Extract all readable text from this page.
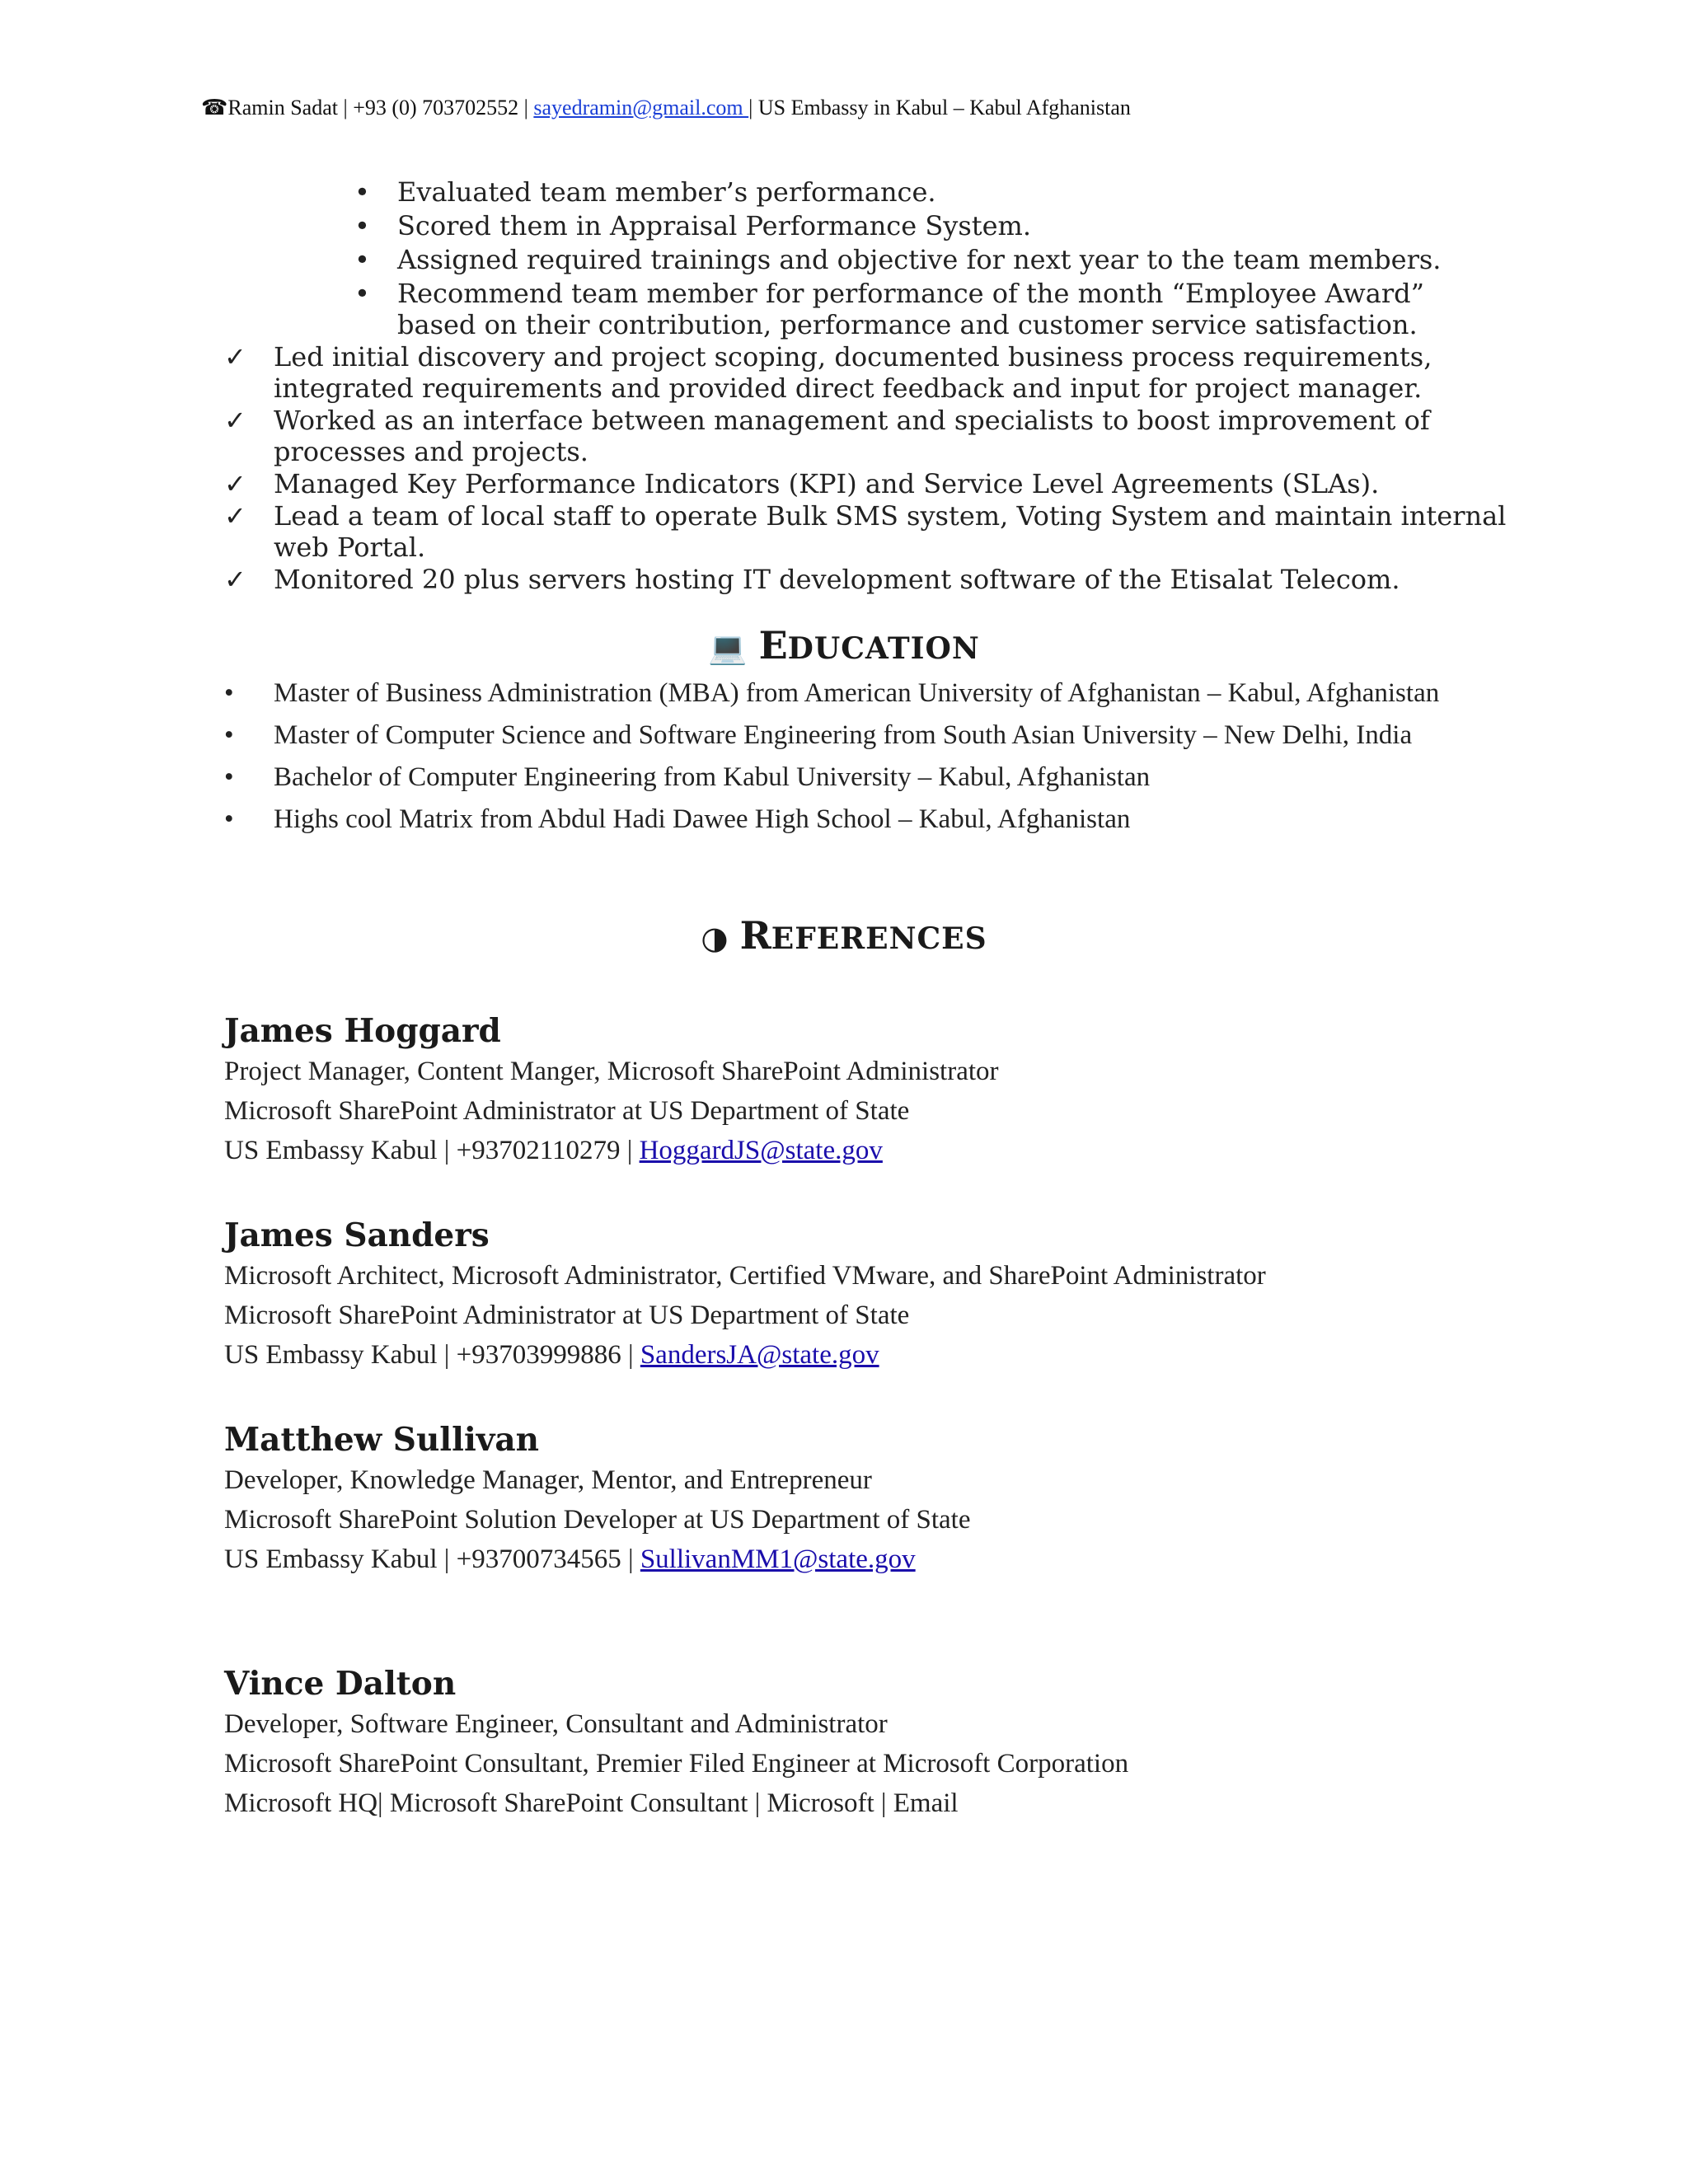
☎Ramin Sadat | +93 (0) 703702552 | sayedramin@gmail.com | US Embassy in Kabul – Kabul Afghanistan
• Evaluated team member’s performance.
• Scored them in Appraisal Performance System.
• Assigned required trainings and objective for next year to the team members.
• Recommend team member for performance of the month “Employee Award” based on their contribution, performance and customer service satisfaction.
✓ Led initial discovery and project scoping, documented business process requirements, integrated requirements and provided direct feedback and input for project manager.
✓ Worked as an interface between management and specialists to boost improvement of processes and projects.
✓ Managed Key Performance Indicators (KPI) and Service Level Agreements (SLAs).
✓ Lead a team of local staff to operate Bulk SMS system, Voting System and maintain internal web Portal.
✓ Monitored 20 plus servers hosting IT development software of the Etisalat Telecom.
💻 EDUCATION
• Master of Business Administration (MBA) from American University of Afghanistan – Kabul, Afghanistan
• Master of Computer Science and Software Engineering from South Asian University – New Delhi, India
• Bachelor of Computer Engineering from Kabul University – Kabul, Afghanistan
• Highs cool Matrix from Abdul Hadi Dawee High School – Kabul, Afghanistan
◑ REFERENCES
James Hoggard
Project Manager, Content Manger, Microsoft SharePoint Administrator
Microsoft SharePoint Administrator at US Department of State
US Embassy Kabul | +93702110279 | HoggardJS@state.gov
James Sanders
Microsoft Architect, Microsoft Administrator, Certified VMware, and SharePoint Administrator
Microsoft SharePoint Administrator at US Department of State
US Embassy Kabul | +93703999886 | SandersJA@state.gov
Matthew Sullivan
Developer, Knowledge Manager, Mentor, and Entrepreneur
Microsoft SharePoint Solution Developer at US Department of State
US Embassy Kabul | +93700734565 | SullivanMM1@state.gov
Vince Dalton
Developer, Software Engineer, Consultant and Administrator
Microsoft SharePoint Consultant, Premier Filed Engineer at Microsoft Corporation
Microsoft HQ| Microsoft SharePoint Consultant | Microsoft | Email
